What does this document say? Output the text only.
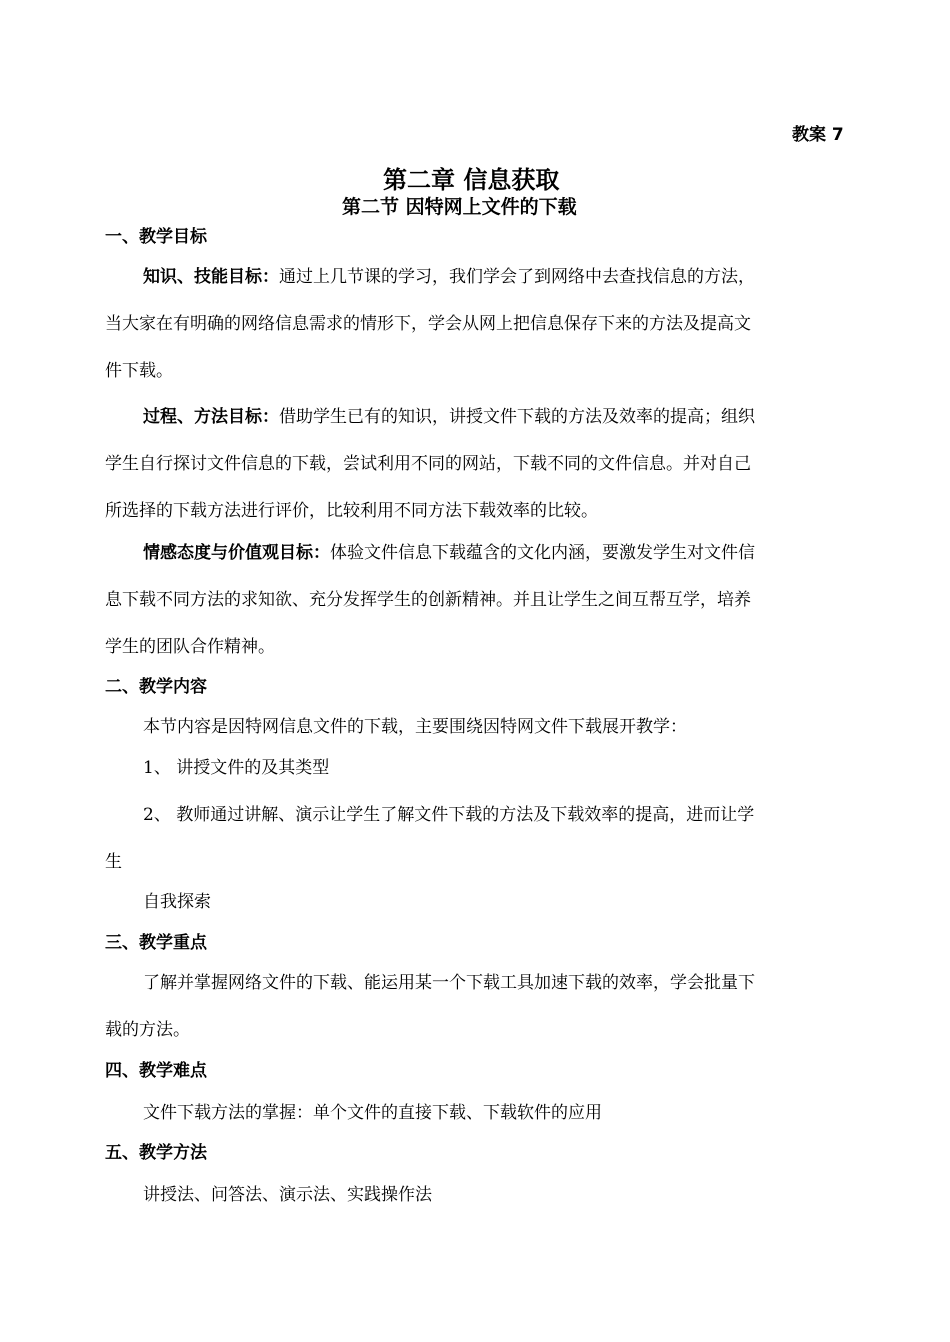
教案 7
第二章 信息获取
第二节 因特网上文件的下载
一、教学目标
知识、技能目标：通过上几节课的学习，我们学会了到网络中去查找信息的方法，
当大家在有明确的网络信息需求的情形下，学会从网上把信息保存下来的方法及提高文
件下载。
过程、方法目标：借助学生已有的知识，讲授文件下载的方法及效率的提高；组织
学生自行探讨文件信息的下载，尝试利用不同的网站，下载不同的文件信息。并对自己
所选择的下载方法进行评价，比较利用不同方法下载效率的比较。
情感态度与价值观目标：体验文件信息下载蕴含的文化内涵，要激发学生对文件信
息下载不同方法的求知欲、充分发挥学生的创新精神。并且让学生之间互帮互学，培养
学生的团队合作精神。
二、教学内容
本节内容是因特网信息文件的下载，主要围绕因特网文件下载展开教学：
1、 讲授文件的及其类型
2、 教师通过讲解、演示让学生了解文件下载的方法及下载效率的提高，进而让学
生
自我探索
三、教学重点
了解并掌握网络文件的下载、能运用某一个下载工具加速下载的效率，学会批量下
载的方法。
四、教学难点
文件下载方法的掌握：单个文件的直接下载、下载软件的应用
五、教学方法
讲授法、问答法、演示法、实践操作法
